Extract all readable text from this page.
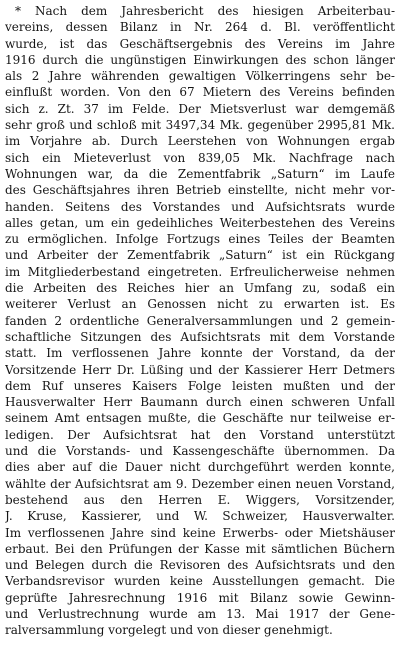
* Nach dem Jahresbericht des hiesigen Arbeiterbau-
vereins, dessen Bilanz in Nr. 264 d. Bl. veröffentlicht
wurde, ist das Geschäftsergebnis des Vereins im Jahre
1916 durch die ungünstigen Einwirkungen des schon länger
als 2 Jahre währenden gewaltigen Völkerringens sehr be-
einflußt worden. Von den 67 Mietern des Vereins befinden
sich z. Zt. 37 im Felde. Der Mietsverlust war demgemäß
sehr groß und schloß mit 3497,34 Mk. gegenüber 2995,81 Mk.
im Vorjahre ab. Durch Leerstehen von Wohnungen ergab
sich ein Mieteverlust von 839,05 Mk. Nachfrage nach
Wohnungen war, da die Zementfabrik „Saturn“ im Laufe
des Geschäftsjahres ihren Betrieb einstellte, nicht mehr vor-
handen. Seitens des Vorstandes und Aufsichtsrats wurde
alles getan, um ein gedeihliches Weiterbestehen des Vereins
zu ermöglichen. Infolge Fortzugs eines Teiles der Beamten
und Arbeiter der Zementfabrik „Saturn“ ist ein Rückgang
im Mitgliederbestand eingetreten. Erfreulicherweise nehmen
die Arbeiten des Reiches hier an Umfang zu, sodaß ein
weiterer Verlust an Genossen nicht zu erwarten ist. Es
fanden 2 ordentliche Generalversammlungen und 2 gemein-
schaftliche Sitzungen des Aufsichtsrats mit dem Vorstande
statt. Im verflossenen Jahre konnte der Vorstand, da der
Vorsitzende Herr Dr. Lüßing und der Kassierer Herr Detmers
dem Ruf unseres Kaisers Folge leisten mußten und der
Hausverwalter Herr Baumann durch einen schweren Unfall
seinem Amt entsagen mußte, die Geschäfte nur teilweise er-
ledigen. Der Aufsichtsrat hat den Vorstand unterstützt
und die Vorstands- und Kassengeschäfte übernommen. Da
dies aber auf die Dauer nicht durchgeführt werden konnte,
wählte der Aufsichtsrat am 9. Dezember einen neuen Vorstand,
bestehend aus den Herren E. Wiggers, Vorsitzender,
J. Kruse, Kassierer, und W. Schweizer, Hausverwalter.
Im verflossenen Jahre sind keine Erwerbs- oder Mietshäuser
erbaut. Bei den Prüfungen der Kasse mit sämtlichen Büchern
und Belegen durch die Revisoren des Aufsichtsrats und den
Verbandsrevisor wurden keine Ausstellungen gemacht. Die
geprüfte Jahresrechnung 1916 mit Bilanz sowie Gewinn-
und Verlustrechnung wurde am 13. Mai 1917 der Gene-
ralversammlung vorgelegt und von dieser genehmigt.
